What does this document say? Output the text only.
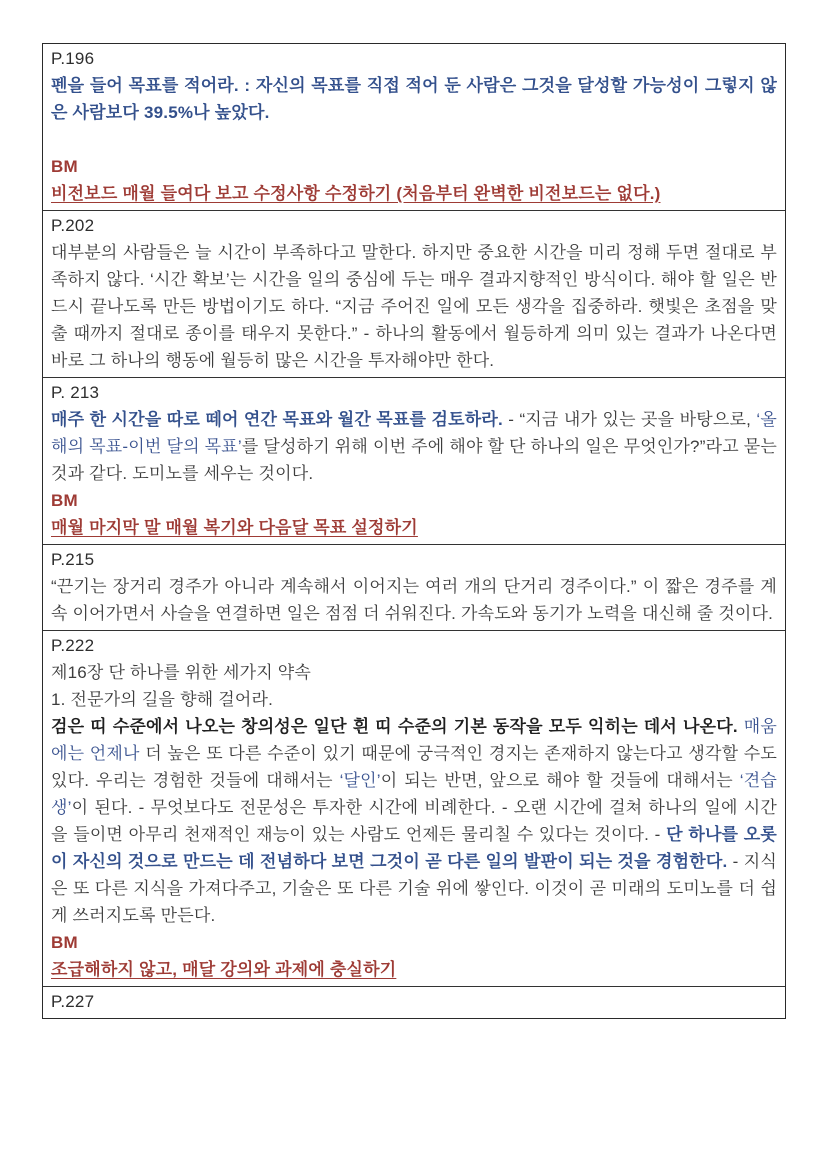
P.196
펜을 들어 목표를 적어라. : 자신의 목표를 직접 적어 둔 사람은 그것을 달성할 가능성이 그렇지 않은 사람보다 39.5%나 높았다.
BM
비전보드 매월 들여다 보고 수정사항 수정하기 (처음부터 완벽한 비전보드는 없다.)
P.202
대부분의 사람들은 늘 시간이 부족하다고 말한다. 하지만 중요한 시간을 미리 정해 두면 절대로 부족하지 않다. ‘시간 확보’는 시간을 일의 중심에 두는 매우 결과지향적인 방식이다. 해야 할 일은 반드시 끝나도록 만든 방법이기도 하다. “지금 주어진 일에 모든 생각을 집중하라. 햇빛은 초점을 맞출 때까지 절대로 종이를 태우지 못한다.” - 하나의 활동에서 월등하게 의미 있는 결과가 나온다면 바로 그 하나의 행동에 월등히 많은 시간을 투자해야만 한다.
P. 213
매주 한 시간을 따로 떼어 연간 목표와 월간 목표를 검토하라. - “지금 내가 있는 곳을 바탕으로, ‘올해의 목표-이번 달의 목표’를 달성하기 위해 이번 주에 해야 할 단 하나의 일은 무엇인가?”라고 묻는 것과 같다. 도미노를 세우는 것이다.
BM
매월 마지막 말 매월 복기와 다음달 목표 설정하기
P.215
“끈기는 장거리 경주가 아니라 계속해서 이어지는 여러 개의 단거리 경주이다.” 이 짧은 경주를 계속 이어가면서 사슬을 연결하면 일은 점점 더 쉬워진다. 가속도와 동기가 노력을 대신해 줄 것이다.
P.222
제16장 단 하나를 위한 세가지 약속
1. 전문가의 길을 향해 걸어라.
검은 띠 수준에서 나오는 창의성은 일단 흰 띠 수준의 기본 동작을 모두 익히는 데서 나온다. 매움에는 언제나 더 높은 또 다른 수준이 있기 때문에 궁극적인 경지는 존재하지 않는다고 생각할 수도 있다. 우리는 경험한 것들에 대해서는 ‘달인’이 되는 반면, 앞으로 해야 할 것들에 대해서는 ‘견습생’이 된다. - 무엇보다도 전문성은 투자한 시간에 비례한다. - 오랜 시간에 걸쳐 하나의 일에 시간을 들이면 아무리 천재적인 재능이 있는 사람도 언제든 물리칠 수 있다는 것이다. - 단 하나를 오롯이 자신의 것으로 만드는 데 전념하다 보면 그것이 곧 다른 일의 발판이 되는 것을 경험한다. - 지식은 또 다른 지식을 가져다주고, 기술은 또 다른 기술 위에 쌓인다. 이것이 곧 미래의 도미노를 더 쉽게 쓰러지도록 만든다.
BM
조급해하지 않고, 매달 강의와 과제에 충실하기
P.227
